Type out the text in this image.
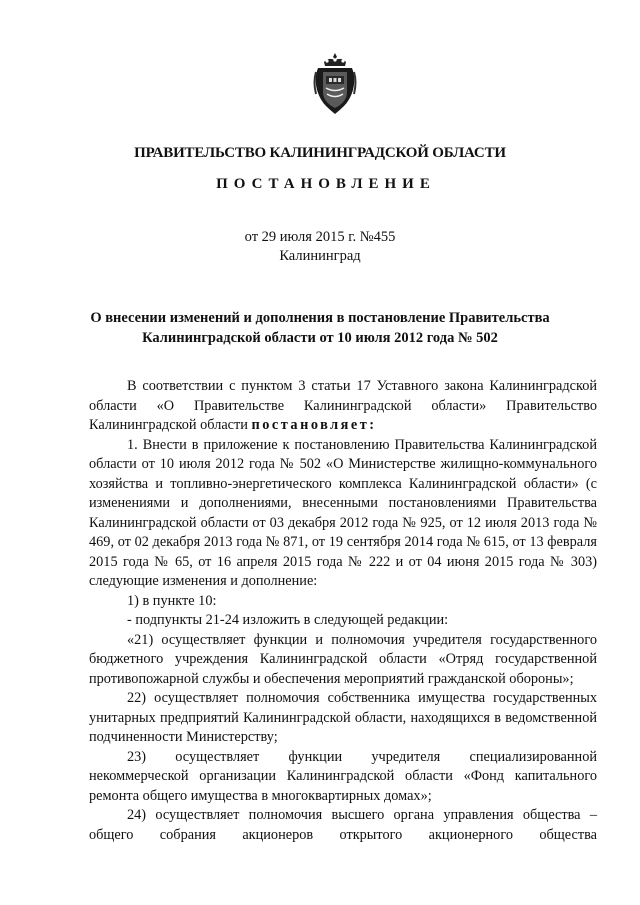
ПРАВИТЕЛЬСТВО КАЛИНИНГРАДСКОЙ ОБЛАСТИ
ПОСТАНОВЛЕНИЕ
от 29 июля 2015 г. №455
Калининград
О внесении изменений и дополнения в постановление Правительства
Калининградской области от 10 июля 2012 года № 502

В соответствии с пунктом 3 статьи 17 Уставного закона Калининградской области «О Правительстве Калининградской области» Правительство Калининградской области постановляет:

1. Внести в приложение к постановлению Правительства Калининградской области от 10 июля 2012 года № 502 «О Министерстве жилищно-коммунального хозяйства и топливно-энергетического комплекса Калининградской области» (с изменениями и дополнениями, внесенными постановлениями Правительства Калининградской области от 03 декабря 2012 года № 925, от 12 июля 2013 года № 469, от 02 декабря 2013 года № 871, от 19 сентября 2014 года № 615, от 13 февраля 2015 года № 65, от 16 апреля 2015 года № 222 и от 04 июня 2015 года № 303) следующие изменения и дополнение:

1) в пункте 10:

- подпункты 21-24 изложить в следующей редакции:

«21) осуществляет функции и полномочия учредителя государственного бюджетного учреждения Калининградской области «Отряд государственной противопожарной службы и обеспечения мероприятий гражданской обороны»;

22) осуществляет полномочия собственника имущества государственных унитарных предприятий Калининградской области, находящихся в ведомственной подчиненности Министерству;

23) осуществляет функции учредителя специализированной некоммерческой организации Калининградской области «Фонд капитального ремонта общего имущества в многоквартирных домах»;

24) осуществляет полномочия высшего органа управления общества – общего собрания акционеров открытого акционерного общества
